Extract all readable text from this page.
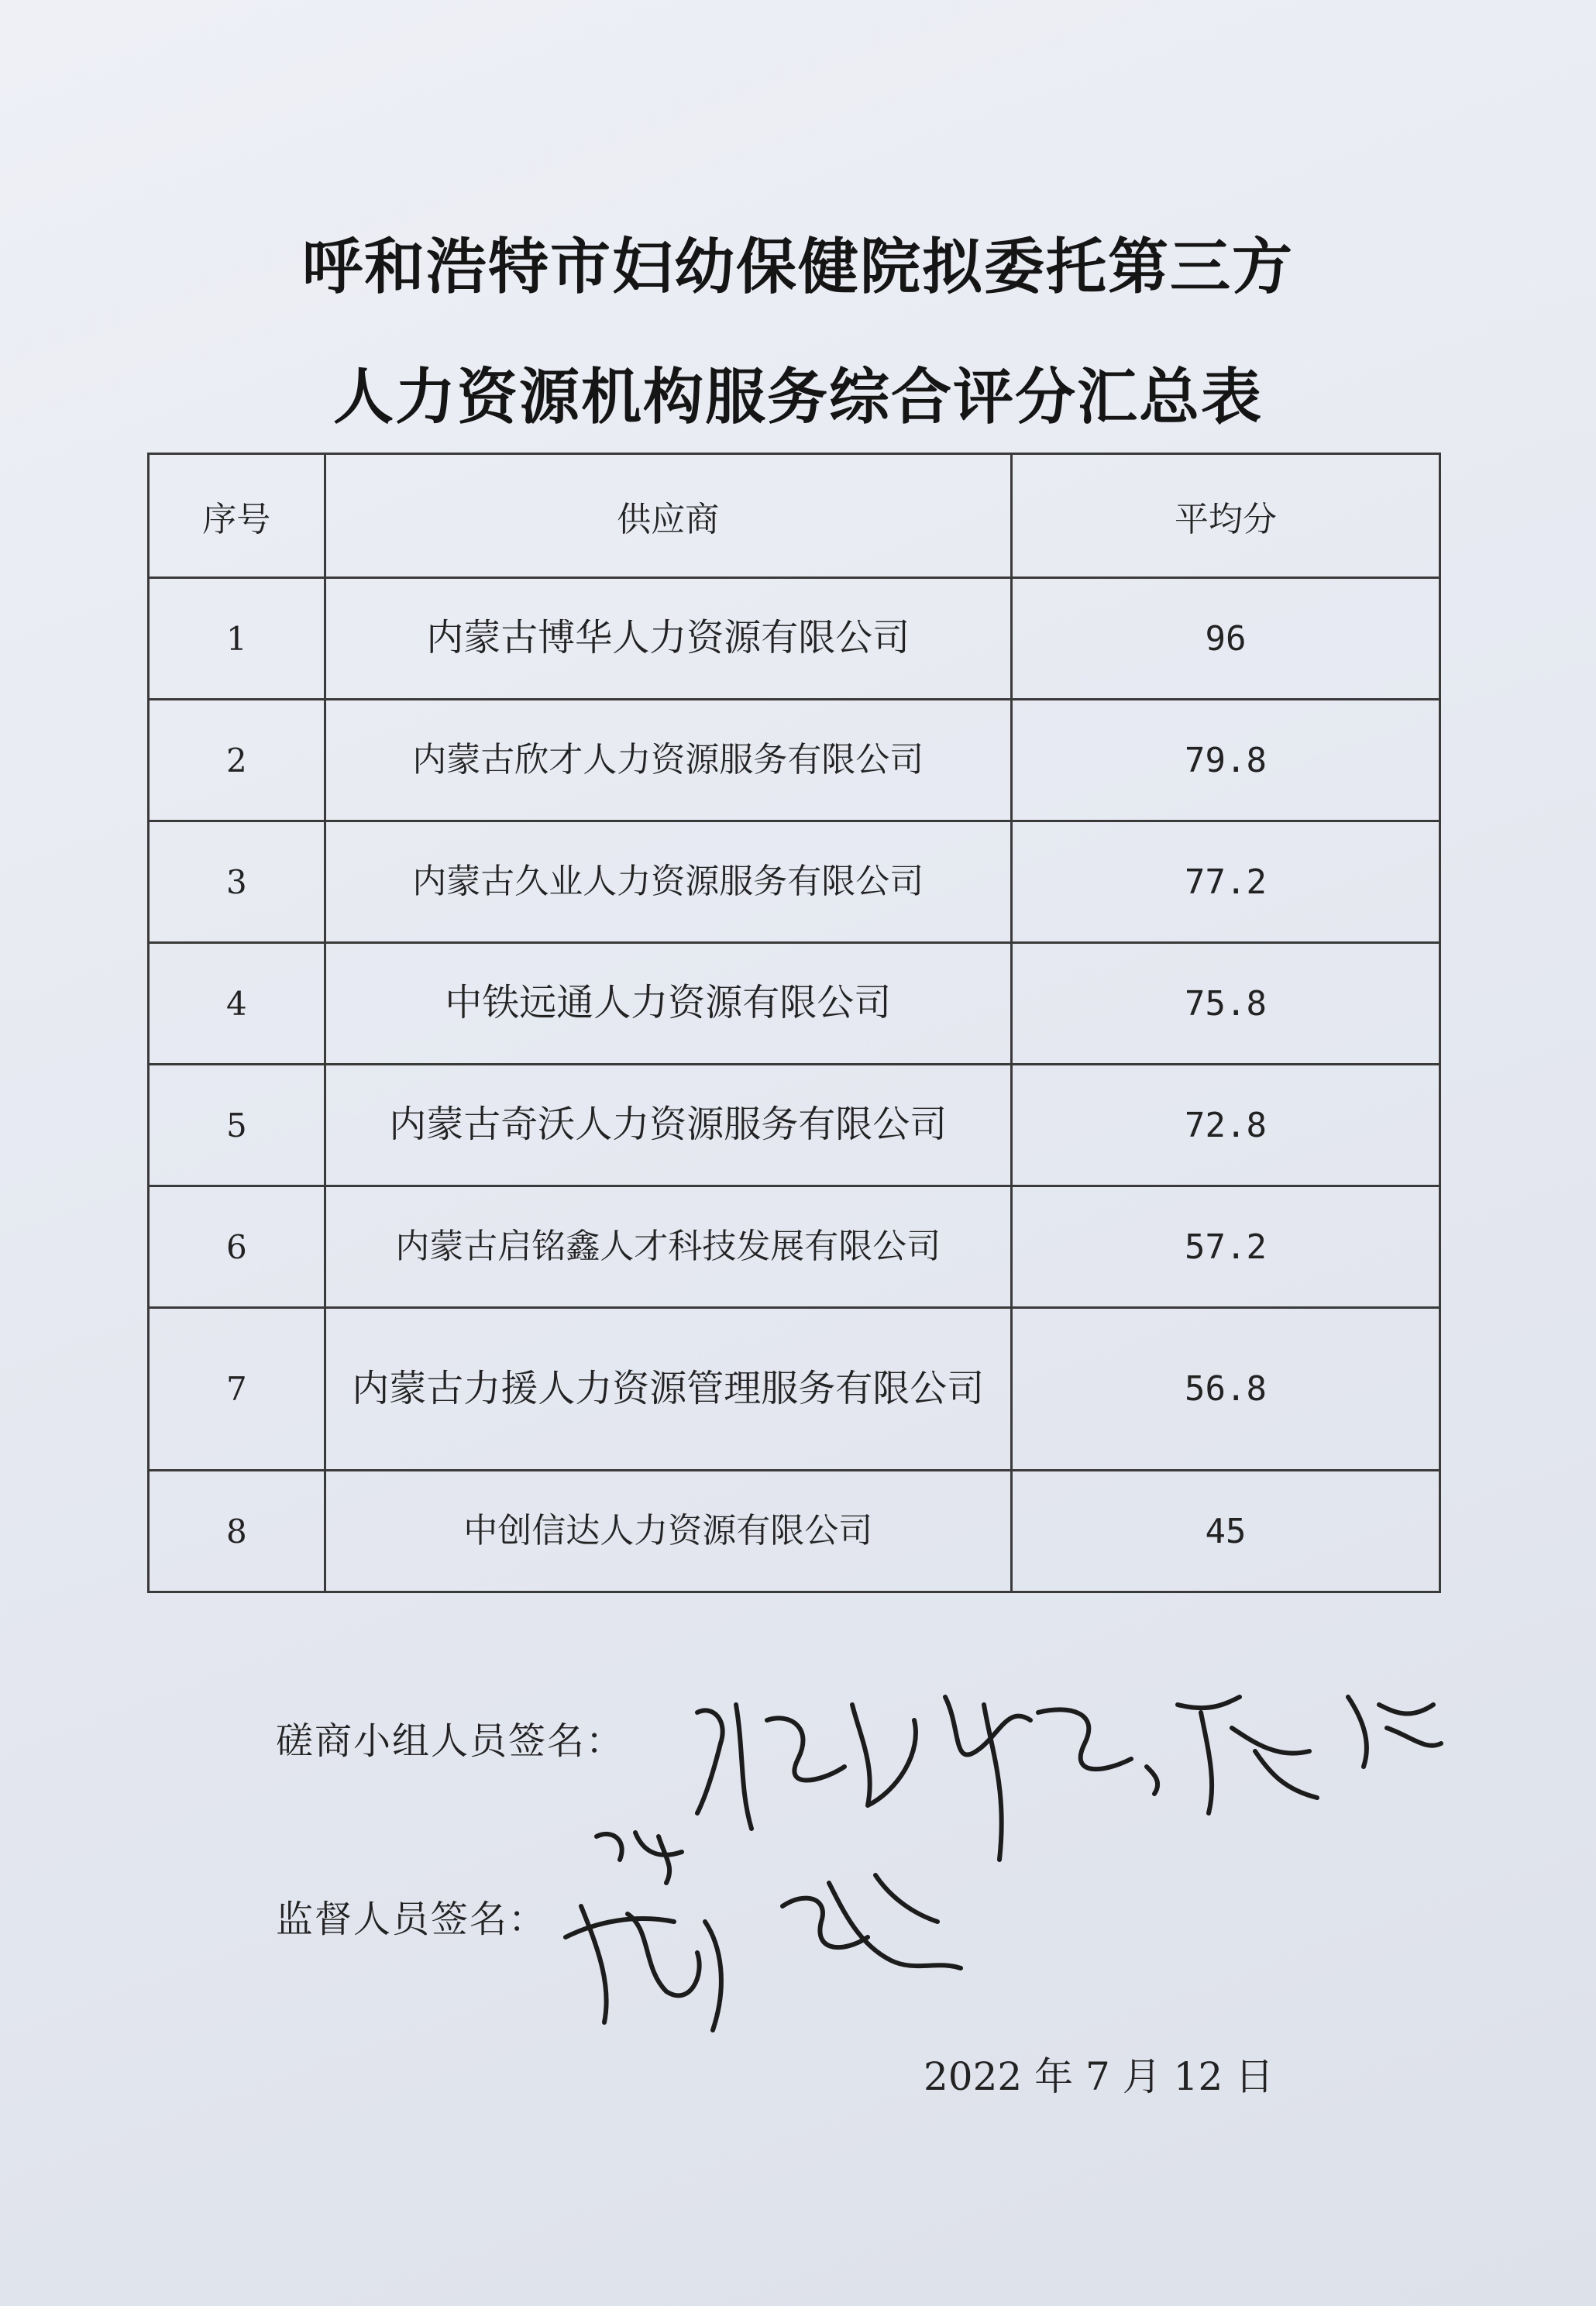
呼和浩特市妇幼保健院拟委托第三方
人力资源机构服务综合评分汇总表
序号	供应商	平均分
1	内蒙古博华人力资源有限公司	96
2	内蒙古欣才人力资源服务有限公司	79.8
3	内蒙古久业人力资源服务有限公司	77.2
4	中铁远通人力资源有限公司	75.8
5	内蒙古奇沃人力资源服务有限公司	72.8
6	内蒙古启铭鑫人才科技发展有限公司	57.2
7	内蒙古力援人力资源管理服务有限公司	56.8
8	中创信达人力资源有限公司	45
磋商小组人员签名：
监督人员签名：
2022 年 7 月 12 日
